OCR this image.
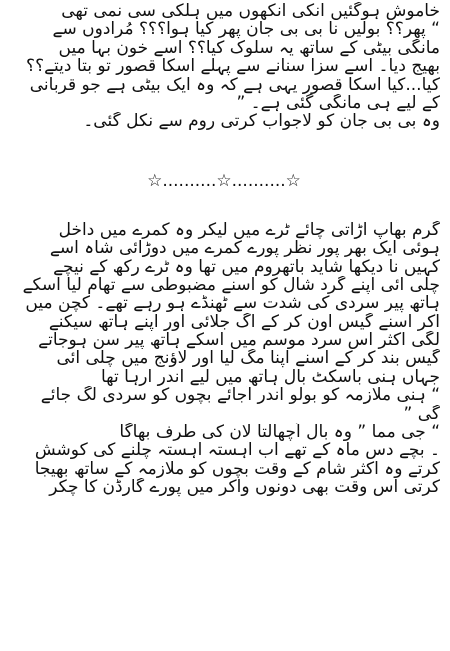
خاموش ہوگئیں انکی انکھوں میں ہلکی سی نمی تھی
“ پھر؟؟ بولیں نا بی بی جان پھر کیا ہوا؟؟؟ مُرادوں سے
مانگی بیٹی کے ساتھ یہ سلوک کیا؟؟ اسے خون بہا میں
بھیج دیا۔ اسے سزا سنانے سے پہلے اسکا قصور تو بتا دیتے؟؟
کیا...کیا اسکا قصور یہی ہے کہ وہ ایک بیٹی ہے جو قربانی
کے لیے ہی مانگی گئی ہے۔ ”
وہ بی بی جان کو لاجواب کرتی روم سے نکل گئی۔
☆..........☆..........☆
گرم بھاپ اڑاتی چائے ٹرے میں لیکر وہ کمرے میں داخل
ہوئی ایک بھر پور نظر پورے کمرے میں دوڑائی شاہ اسے
کہیں نا دیکھا شاید باتھروم میں تھا وہ ٹرے رکھ کے نیچے
چلی آئی اپنے گرد شال کو اسنے مضبوطی سے تھام لیا اسکے
ہاتھ پیر سردی کی شدت سے ٹھنڈے ہو رہے تھے۔ کچن میں
آکر اسنے گیس اون کر کے آگ جلائی اور اپنے ہاتھ سیکنے
لگی اکثر اس سرد موسم میں اسکے ہاتھ پیر سن ہوجاتے
گیس بند کر کے اسنے اپنا مگ لیا اور لاؤنج میں چلی آئی
جہاں ہنی باسکٹ بال ہاتھ میں لیے اندر آرہا تھا
“ ہنی ملازمہ کو بولو اندر آجائے بچوں کو سردی لگ جائے
گی ”
“ جی مما ” وہ بال اُچھالتا لان کی طرف بھاگا
۔ بچے دس ماہ کے تھے اب آہستہ آہستہ چلنے کی کوشش
کرتے وہ اکثر شام کے وقت بچوں کو ملازمہ کے ساتھ بھیجا
کرتی اس وقت بھی دونوں واکر میں پورے گارڈن کا چکر
